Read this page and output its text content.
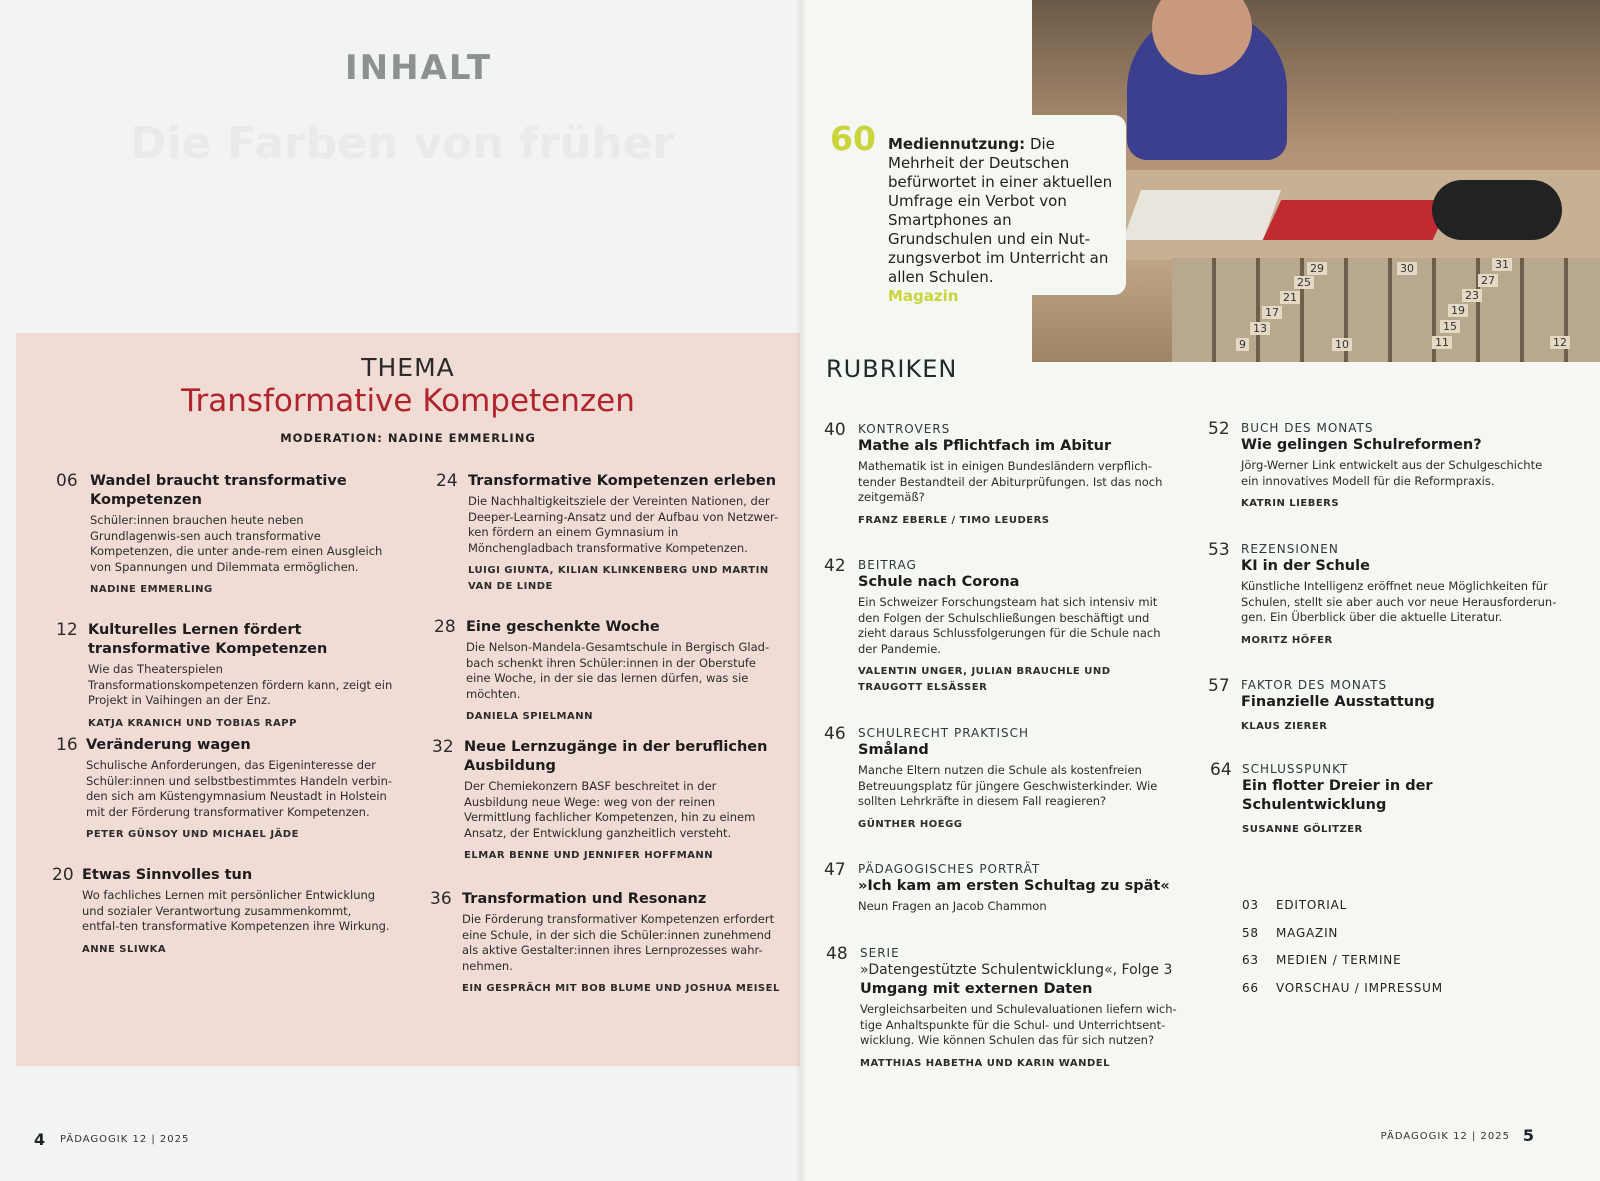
Die Farben von früher
INHALT
THEMA
Transformative Kompetenzen
MODERATION: NADINE EMMERLING
06 Wandel braucht transformative Kompetenzen
Schüler:innen brauchen heute neben Grundlagenwis-sen auch transformative Kompetenzen, die unter ande-rem einen Ausgleich von Spannungen und Dilemmata ermöglichen.
NADINE EMMERLING
12 Kulturelles Lernen fördert transformative Kompetenzen
Wie das Theaterspielen Transformationskompetenzen fördern kann, zeigt ein Projekt in Vaihingen an der Enz.
KATJA KRANICH UND TOBIAS RAPP
16 Veränderung wagen
Schulische Anforderungen, das Eigeninteresse der Schüler:innen und selbstbestimmtes Handeln verbin-den sich am Küstengymnasium Neustadt in Holstein mit der Förderung transformativer Kompetenzen.
PETER GÜNSOY UND MICHAEL JÄDE
20 Etwas Sinnvolles tun
Wo fachliches Lernen mit persönlicher Entwicklung und sozialer Verantwortung zusammenkommt, entfal-ten transformative Kompetenzen ihre Wirkung.
ANNE SLIWKA
24 Transformative Kompetenzen erleben
Die Nachhaltigkeitsziele der Vereinten Nationen, der Deeper-Learning-Ansatz und der Aufbau von Netzwer-ken fördern an einem Gymnasium in Mönchengladbach transformative Kompetenzen.
LUIGI GIUNTA, KILIAN KLINKENBERG UND MARTIN VAN DE LINDE
28 Eine geschenkte Woche
Die Nelson-Mandela-Gesamtschule in Bergisch Glad-bach schenkt ihren Schüler:innen in der Oberstufe eine Woche, in der sie das lernen dürfen, was sie möchten.
DANIELA SPIELMANN
32 Neue Lernzugänge in der beruflichen Ausbildung
Der Chemiekonzern BASF beschreitet in der Ausbildung neue Wege: weg von der reinen Vermittlung fachlicher Kompetenzen, hin zu einem Ansatz, der Entwicklung ganzheitlich versteht.
ELMAR BENNE UND JENNIFER HOFFMANN
36 Transformation und Resonanz
Die Förderung transformativer Kompetenzen erfordert eine Schule, in der sich die Schüler:innen zunehmend als aktive Gestalter:innen ihres Lernprozesses wahr-nehmen.
EIN GESPRÄCH MIT BOB BLUME UND JOSHUA MEISEL
4 PÄDAGOGIK 12 | 2025
29	30	31
25	27
21	23
17	19
13	15
9	10	11	12
60 Mediennutzung: Die Mehrheit der Deutschen befürwortet in einer aktuellen Umfrage ein Verbot von Smartphones an Grundschulen und ein Nut-zungsverbot im Unterricht an allen Schulen.
Magazin
RUBRIKEN
40 KONTROVERS
Mathe als Pflichtfach im Abitur
Mathematik ist in einigen Bundesländern verpflich-tender Bestandteil der Abiturprüfungen. Ist das noch zeitgemäß?
FRANZ EBERLE / TIMO LEUDERS
42 BEITRAG
Schule nach Corona
Ein Schweizer Forschungsteam hat sich intensiv mit den Folgen der Schulschließungen beschäftigt und zieht daraus Schlussfolgerungen für die Schule nach der Pandemie.
VALENTIN UNGER, JULIAN BRAUCHLE UND TRAUGOTT ELSÄSSER
46 SCHULRECHT PRAKTISCH
Småland
Manche Eltern nutzen die Schule als kostenfreien Betreuungsplatz für jüngere Geschwisterkinder. Wie sollten Lehrkräfte in diesem Fall reagieren?
GÜNTHER HOEGG
47 PÄDAGOGISCHES PORTRÄT
»Ich kam am ersten Schultag zu spät«
Neun Fragen an Jacob Chammon
48 SERIE
»Datengestützte Schulentwicklung«, Folge 3
Umgang mit externen Daten
Vergleichsarbeiten und Schulevaluationen liefern wich-tige Anhaltspunkte für die Schul- und Unterrichtsent-wicklung. Wie können Schulen das für sich nutzen?
MATTHIAS HABETHA UND KARIN WANDEL
52 BUCH DES MONATS
Wie gelingen Schulreformen?
Jörg-Werner Link entwickelt aus der Schulgeschichte ein innovatives Modell für die Reformpraxis.
KATRIN LIEBERS
53 REZENSIONEN
KI in der Schule
Künstliche Intelligenz eröffnet neue Möglichkeiten für Schulen, stellt sie aber auch vor neue Herausforderun-gen. Ein Überblick über die aktuelle Literatur.
MORITZ HÖFER
57 FAKTOR DES MONATS
Finanzielle Ausstattung
KLAUS ZIERER
64 SCHLUSSPUNKT
Ein flotter Dreier in der Schulentwicklung
SUSANNE GÖLITZER
03 EDITORIAL
58 MAGAZIN
63 MEDIEN / TERMINE
66 VORSCHAU / IMPRESSUM
PÄDAGOGIK 12 | 2025 5
